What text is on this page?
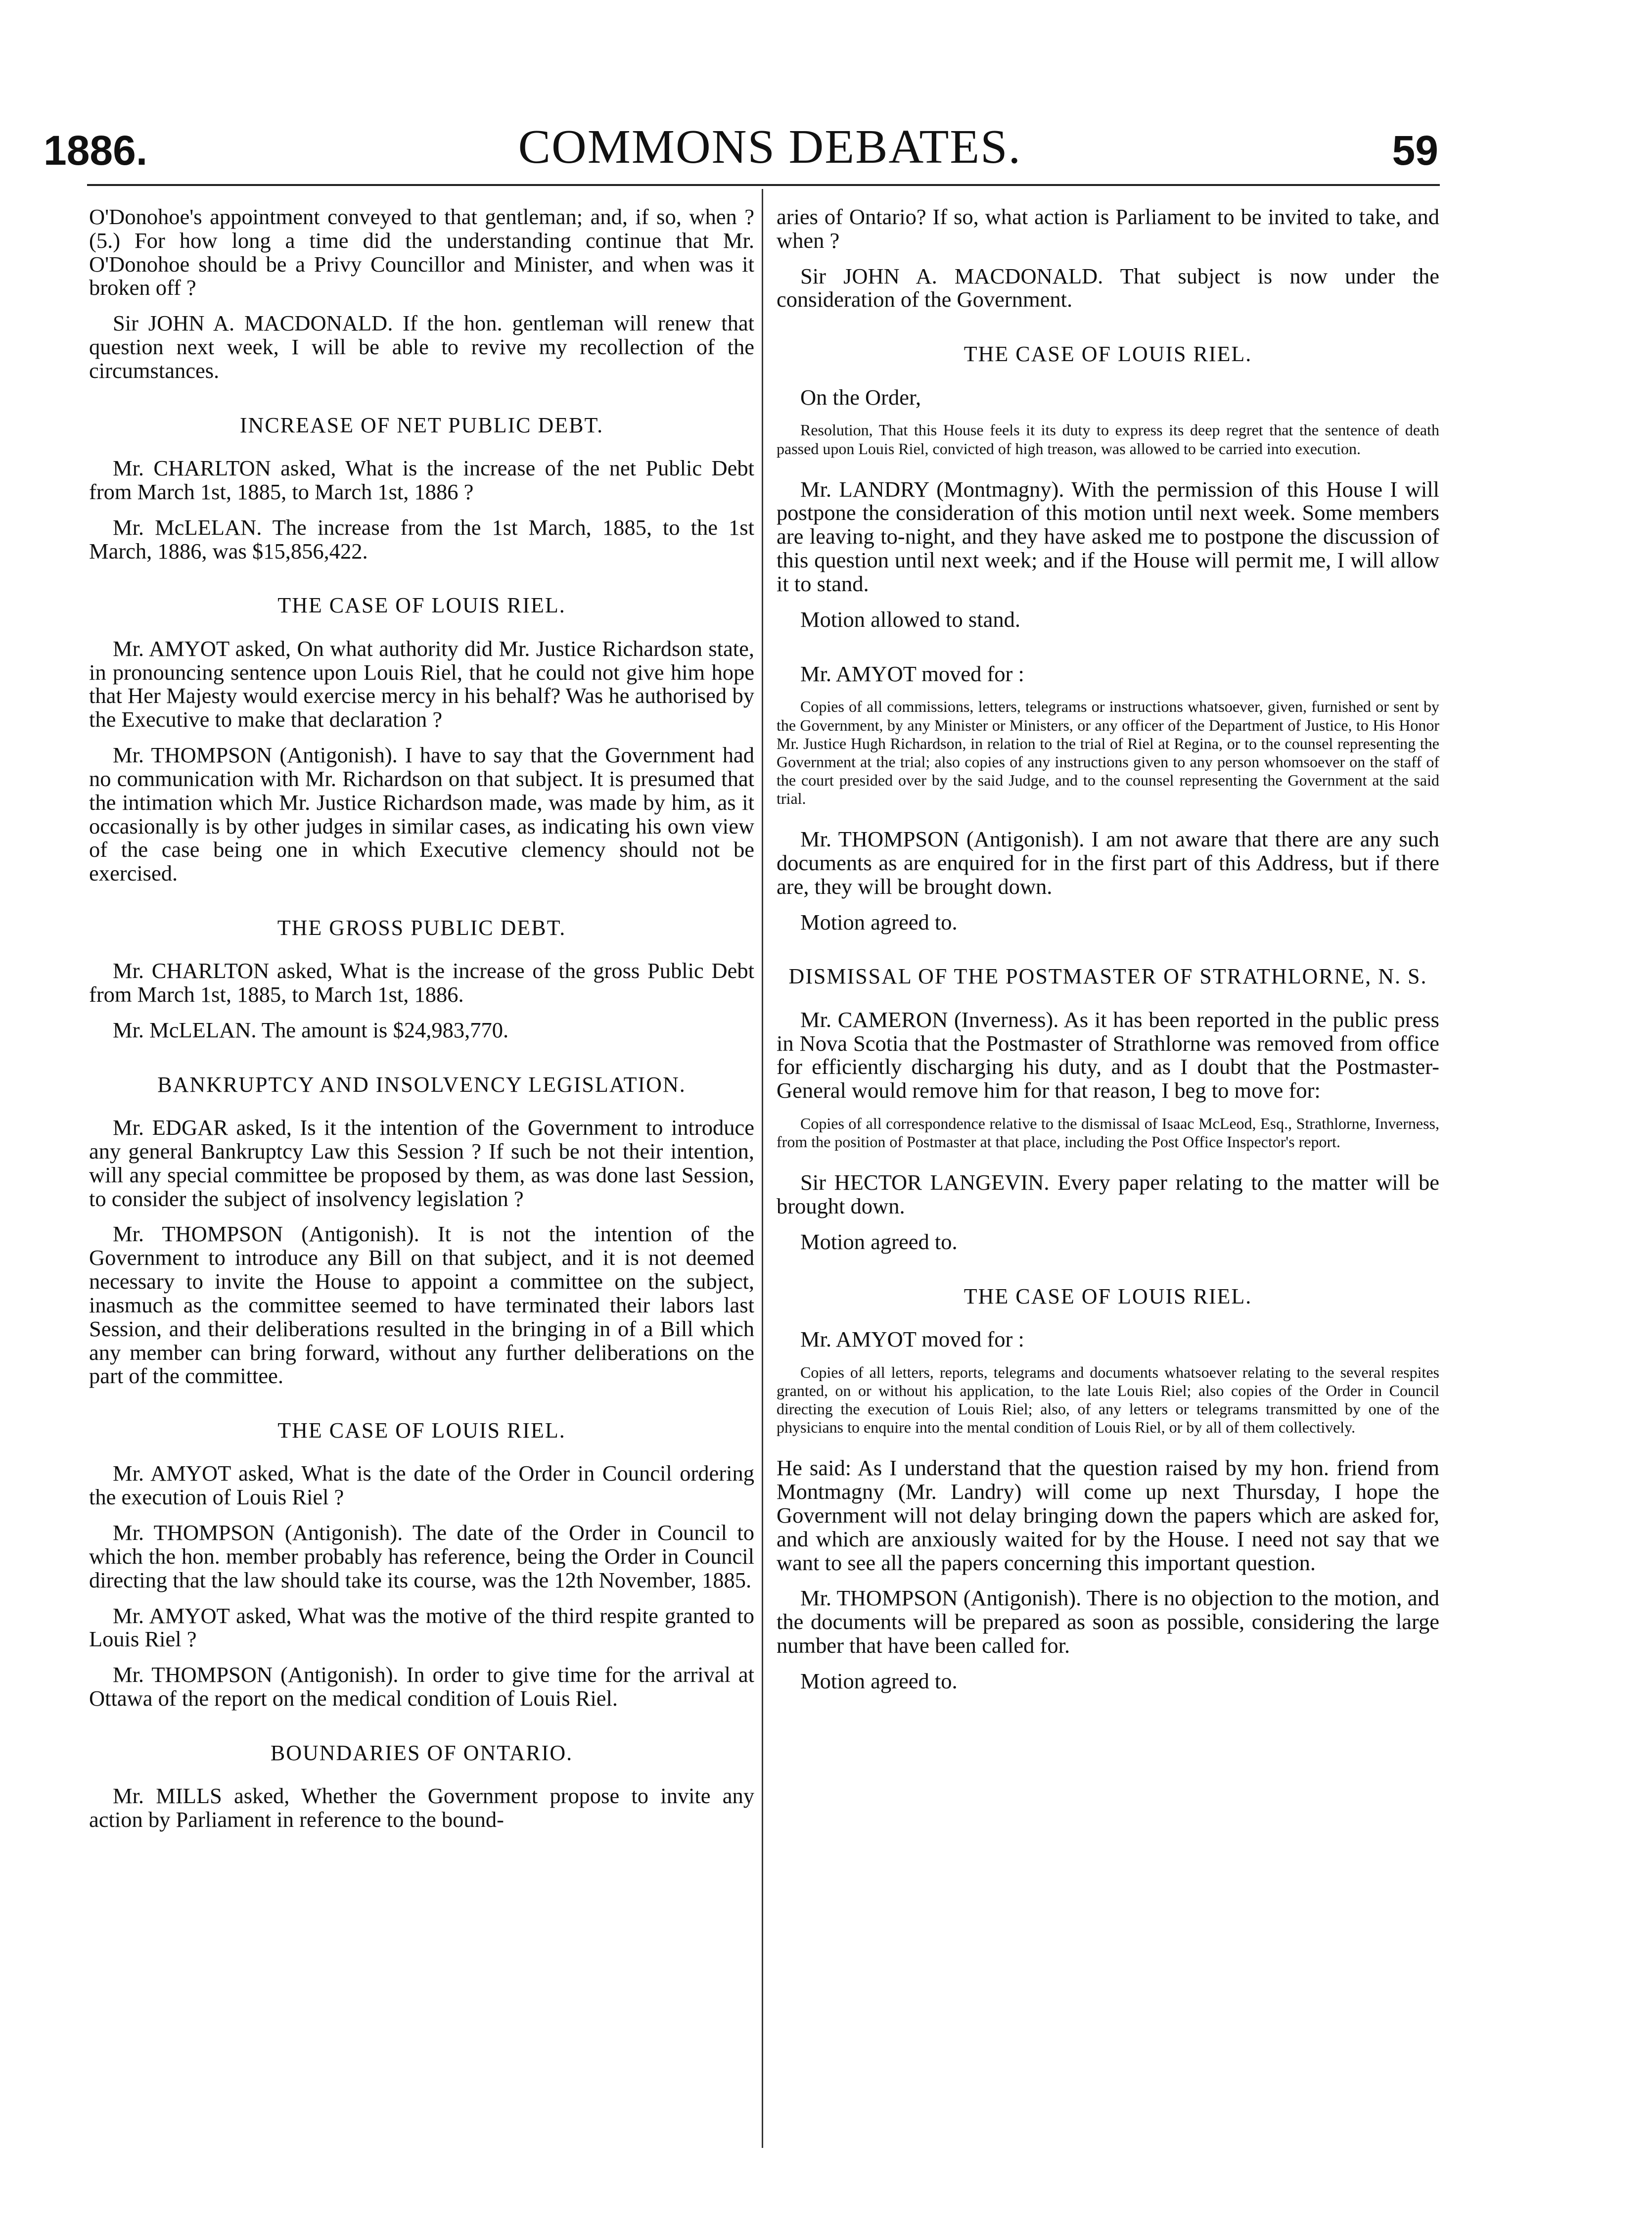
1886.	COMMONS DEBATES.	59

O'Donohoe's appointment conveyed to that gentleman; and, if so, when ? (5.) For how long a time did the understanding continue that Mr. O'Donohoe should be a Privy Councillor and Minister, and when was it broken off ?

Sir JOHN A. MACDONALD. If the hon. gentleman will renew that question next week, I will be able to revive my recollection of the circumstances.

INCREASE OF NET PUBLIC DEBT.

Mr. CHARLTON asked, What is the increase of the net Public Debt from March 1st, 1885, to March 1st, 1886 ?

Mr. McLELAN. The increase from the 1st March, 1885, to the 1st March, 1886, was $15,856,422.

THE CASE OF LOUIS RIEL.

Mr. AMYOT asked, On what authority did Mr. Justice Richardson state, in pronouncing sentence upon Louis Riel, that he could not give him hope that Her Majesty would exercise mercy in his behalf? Was he authorised by the Executive to make that declaration ?

Mr. THOMPSON (Antigonish). I have to say that the Government had no communication with Mr. Richardson on that subject. It is presumed that the intimation which Mr. Justice Richardson made, was made by him, as it occasionally is by other judges in similar cases, as indicating his own view of the case being one in which Executive clemency should not be exercised.

THE GROSS PUBLIC DEBT.

Mr. CHARLTON asked, What is the increase of the gross Public Debt from March 1st, 1885, to March 1st, 1886.

Mr. McLELAN. The amount is $24,983,770.

BANKRUPTCY AND INSOLVENCY LEGISLATION.

Mr. EDGAR asked, Is it the intention of the Government to introduce any general Bankruptcy Law this Session ? If such be not their intention, will any special committee be proposed by them, as was done last Session, to consider the subject of insolvency legislation ?

Mr. THOMPSON (Antigonish). It is not the intention of the Government to introduce any Bill on that subject, and it is not deemed necessary to invite the House to appoint a committee on the subject, inasmuch as the committee seemed to have terminated their labors last Session, and their deliberations resulted in the bringing in of a Bill which any member can bring forward, without any further deliberations on the part of the committee.

THE CASE OF LOUIS RIEL.

Mr. AMYOT asked, What is the date of the Order in Council ordering the execution of Louis Riel ?

Mr. THOMPSON (Antigonish). The date of the Order in Council to which the hon. member probably has reference, being the Order in Council directing that the law should take its course, was the 12th November, 1885.

Mr. AMYOT asked, What was the motive of the third respite granted to Louis Riel ?

Mr. THOMPSON (Antigonish). In order to give time for the arrival at Ottawa of the report on the medical condition of Louis Riel.

BOUNDARIES OF ONTARIO.

Mr. MILLS asked, Whether the Government propose to invite any action by Parliament in reference to the bound-

aries of Ontario? If so, what action is Parliament to be invited to take, and when ?

Sir JOHN A. MACDONALD. That subject is now under the consideration of the Government.

THE CASE OF LOUIS RIEL.

On the Order,

Resolution, That this House feels it its duty to express its deep regret that the sentence of death passed upon Louis Riel, convicted of high treason, was allowed to be carried into execution.

Mr. LANDRY (Montmagny). With the permission of this House I will postpone the consideration of this motion until next week. Some members are leaving to-night, and they have asked me to postpone the discussion of this question until next week; and if the House will permit me, I will allow it to stand.

Motion allowed to stand.

Mr. AMYOT moved for :

Copies of all commissions, letters, telegrams or instructions whatsoever, given, furnished or sent by the Government, by any Minister or Ministers, or any officer of the Department of Justice, to His Honor Mr. Justice Hugh Richardson, in relation to the trial of Riel at Regina, or to the counsel representing the Government at the trial; also copies of any instructions given to any person whomsoever on the staff of the court presided over by the said Judge, and to the counsel representing the Government at the said trial.

Mr. THOMPSON (Antigonish). I am not aware that there are any such documents as are enquired for in the first part of this Address, but if there are, they will be brought down.

Motion agreed to.

DISMISSAL OF THE POSTMASTER OF STRATHLORNE, N. S.

Mr. CAMERON (Inverness). As it has been reported in the public press in Nova Scotia that the Postmaster of Strathlorne was removed from office for efficiently discharging his duty, and as I doubt that the Postmaster-General would remove him for that reason, I beg to move for:

Copies of all correspondence relative to the dismissal of Isaac McLeod, Esq., Strathlorne, Inverness, from the position of Postmaster at that place, including the Post Office Inspector's report.

Sir HECTOR LANGEVIN. Every paper relating to the matter will be brought down.

Motion agreed to.

THE CASE OF LOUIS RIEL.

Mr. AMYOT moved for :

Copies of all letters, reports, telegrams and documents whatsoever relating to the several respites granted, on or without his application, to the late Louis Riel; also copies of the Order in Council directing the execution of Louis Riel; also, of any letters or telegrams transmitted by one of the physicians to enquire into the mental condition of Louis Riel, or by all of them collectively.

He said: As I understand that the question raised by my hon. friend from Montmagny (Mr. Landry) will come up next Thursday, I hope the Government will not delay bringing down the papers which are asked for, and which are anxiously waited for by the House. I need not say that we want to see all the papers concerning this important question.

Mr. THOMPSON (Antigonish). There is no objection to the motion, and the documents will be prepared as soon as possible, considering the large number that have been called for.

Motion agreed to.
